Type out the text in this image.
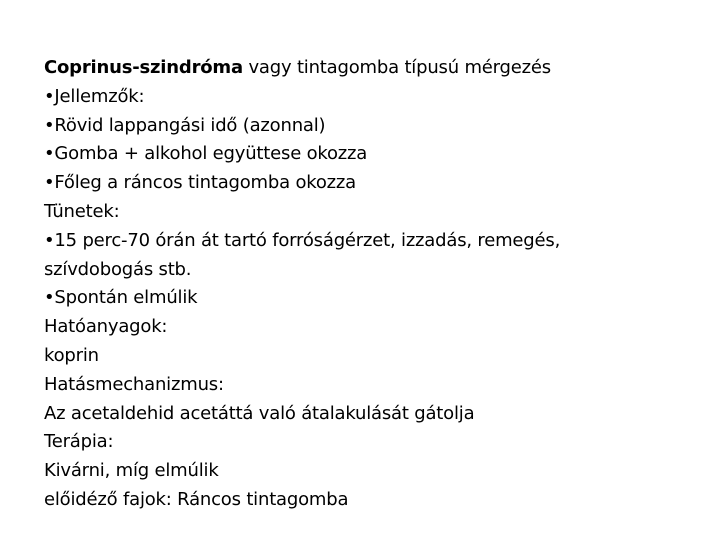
Coprinus-szindróma vagy tintagomba típusú mérgezés
•Jellemzők:
•Rövid lappangási idő (azonnal)
•Gomba + alkohol együttese okozza
•Főleg a ráncos tintagomba okozza
Tünetek:
•15 perc-70 órán át tartó forróságérzet, izzadás, remegés,
szívdobogás stb.
•Spontán elmúlik
Hatóanyagok:
koprin
Hatásmechanizmus:
Az acetaldehid acetáttá való átalakulását gátolja
Terápia:
Kivárni, míg elmúlik
előidéző fajok: Ráncos tintagomba
